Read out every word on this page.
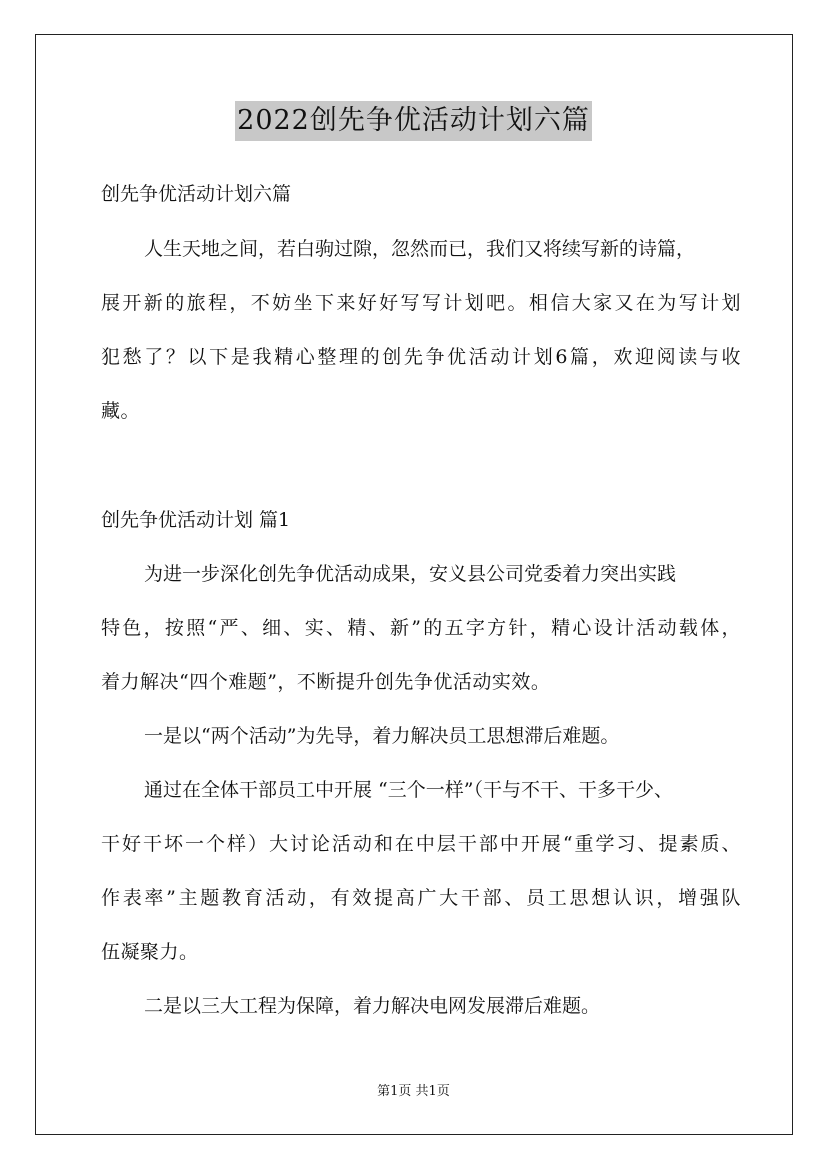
2022创先争优活动计划六篇
创先争优活动计划六篇
人生天地之间，若白驹过隙，忽然而已，我们又将续写新的诗篇，
展开新的旅程，不妨坐下来好好写写计划吧。相信大家又在为写计划
犯愁了？以下是我精心整理的创先争优活动计划6篇，欢迎阅读与收
藏。
创先争优活动计划 篇1
为进一步深化创先争优活动成果，安义县公司党委着力突出实践
特色，按照“严、细、实、精、新”的五字方针，精心设计活动载体，
着力解决“四个难题”，不断提升创先争优活动实效。
一是以“两个活动”为先导，着力解决员工思想滞后难题。
通过在全体干部员工中开展 “三个一样”（干与不干、干多干少、
干好干坏一个样）大讨论活动和在中层干部中开展“重学习、提素质、
作表率”主题教育活动，有效提高广大干部、员工思想认识，增强队
伍凝聚力。
二是以三大工程为保障，着力解决电网发展滞后难题。
第1页 共1页
